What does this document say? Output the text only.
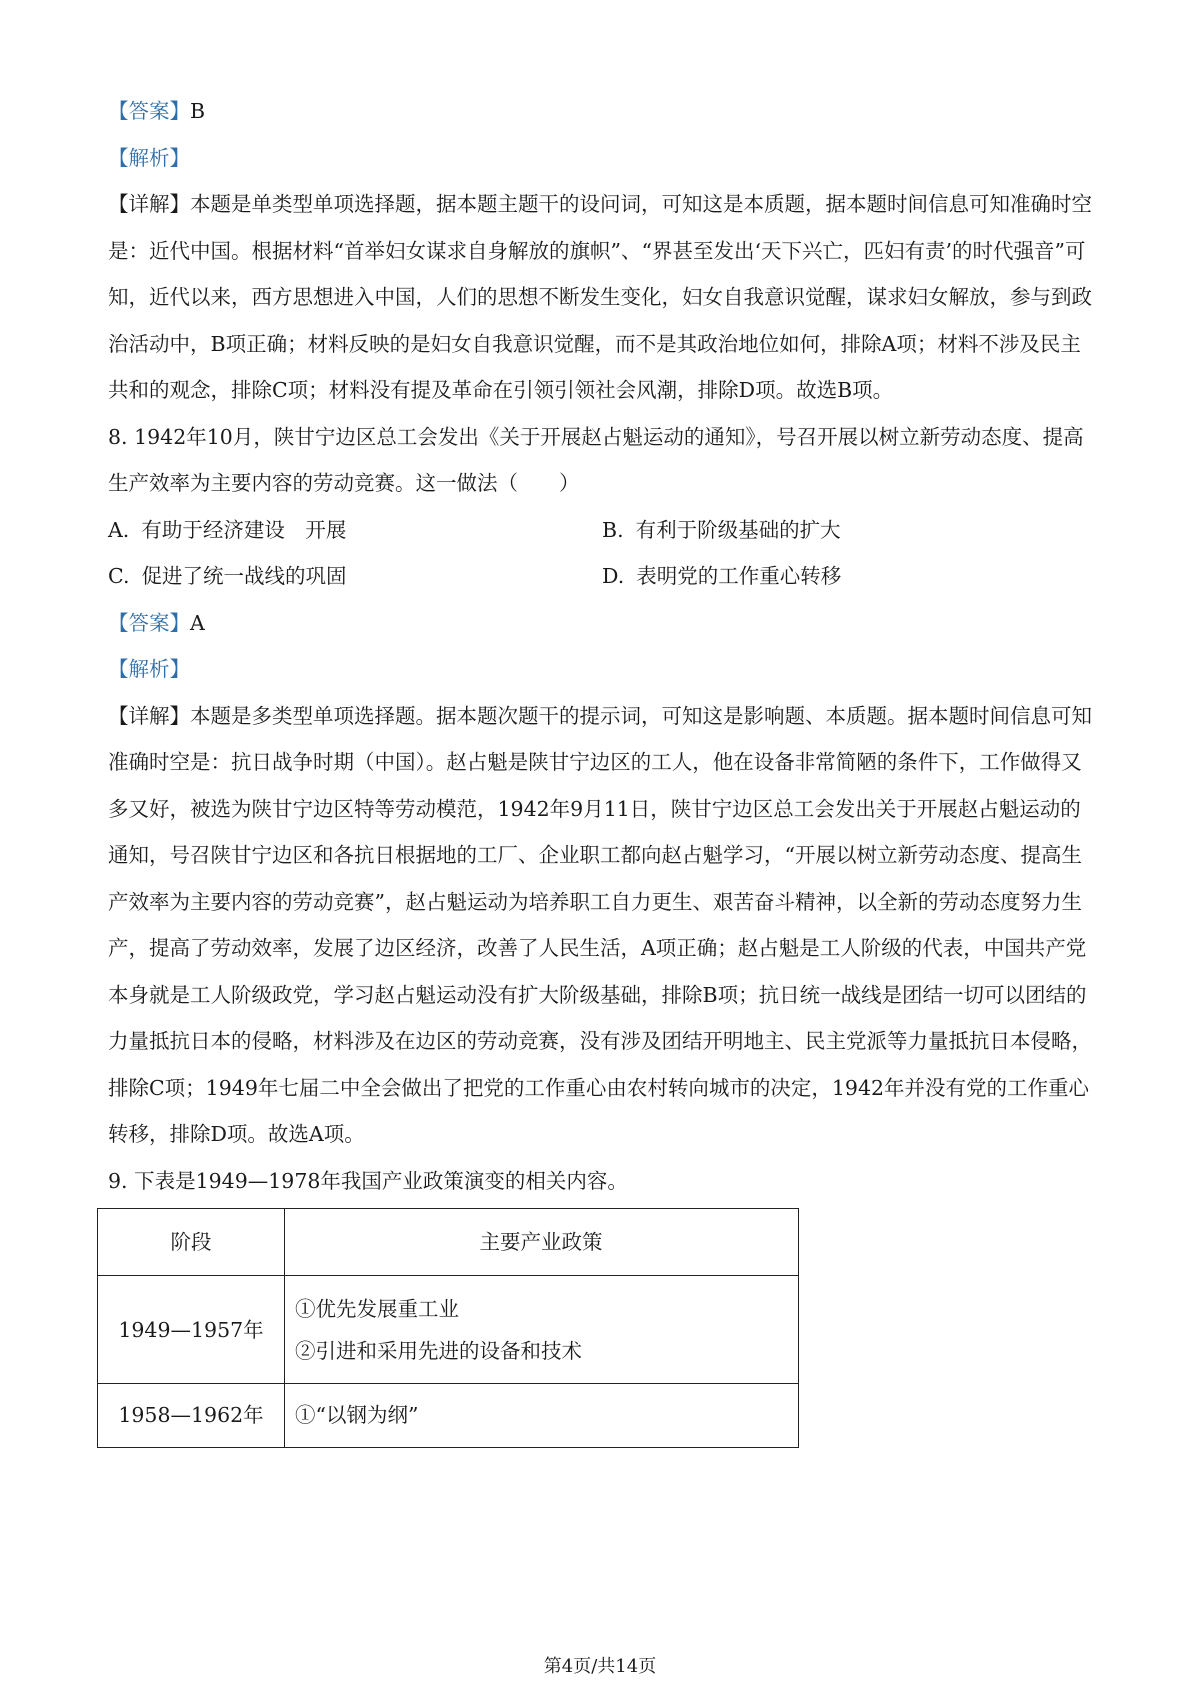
【答案】B

【解析】

【详解】本题是单类型单项选择题，据本题主题干的设问词，可知这是本质题，据本题时间信息可知准确时空是：近代中国。根据材料“首举妇女谋求自身解放的旗帜”、“界甚至发出‘天下兴亡，匹妇有责’的时代强音”可知，近代以来，西方思想进入中国，人们的思想不断发生变化，妇女自我意识觉醒，谋求妇女解放，参与到政治活动中，B项正确；材料反映的是妇女自我意识觉醒，而不是其政治地位如何，排除A项；材料不涉及民主共和的观念，排除C项；材料没有提及革命在引领引领社会风潮，排除D项。故选B项。

8. 1942年10月，陕甘宁边区总工会发出《关于开展赵占魁运动的通知》，号召开展以树立新劳动态度、提高生产效率为主要内容的劳动竞赛。这一做法（　　）

A. 有助于经济建设　开展	B. 有利于阶级基础的扩大
C. 促进了统一战线的巩固	D. 表明党的工作重心转移

【答案】A

【解析】

【详解】本题是多类型单项选择题。据本题次题干的提示词，可知这是影响题、本质题。据本题时间信息可知准确时空是：抗日战争时期（中国）。赵占魁是陕甘宁边区的工人，他在设备非常简陋的条件下，工作做得又多又好，被选为陕甘宁边区特等劳动模范，1942年9月11日，陕甘宁边区总工会发出关于开展赵占魁运动的通知，号召陕甘宁边区和各抗日根据地的工厂、企业职工都向赵占魁学习，“开展以树立新劳动态度、提高生产效率为主要内容的劳动竞赛”，赵占魁运动为培养职工自力更生、艰苦奋斗精神，以全新的劳动态度努力生产，提高了劳动效率，发展了边区经济，改善了人民生活，A项正确；赵占魁是工人阶级的代表，中国共产党本身就是工人阶级政党，学习赵占魁运动没有扩大阶级基础，排除B项；抗日统一战线是团结一切可以团结的力量抵抗日本的侵略，材料涉及在边区的劳动竞赛，没有涉及团结开明地主、民主党派等力量抵抗日本侵略，排除C项；1949年七届二中全会做出了把党的工作重心由农村转向城市的决定，1942年并没有党的工作重心转移，排除D项。故选A项。

9. 下表是1949—1978年我国产业政策演变的相关内容。

阶段	主要产业政策
1949—1957年	①优先发展重工业
②引进和采用先进的设备和技术

1958—1962年	①“以钢为纲”
第4页/共14页
